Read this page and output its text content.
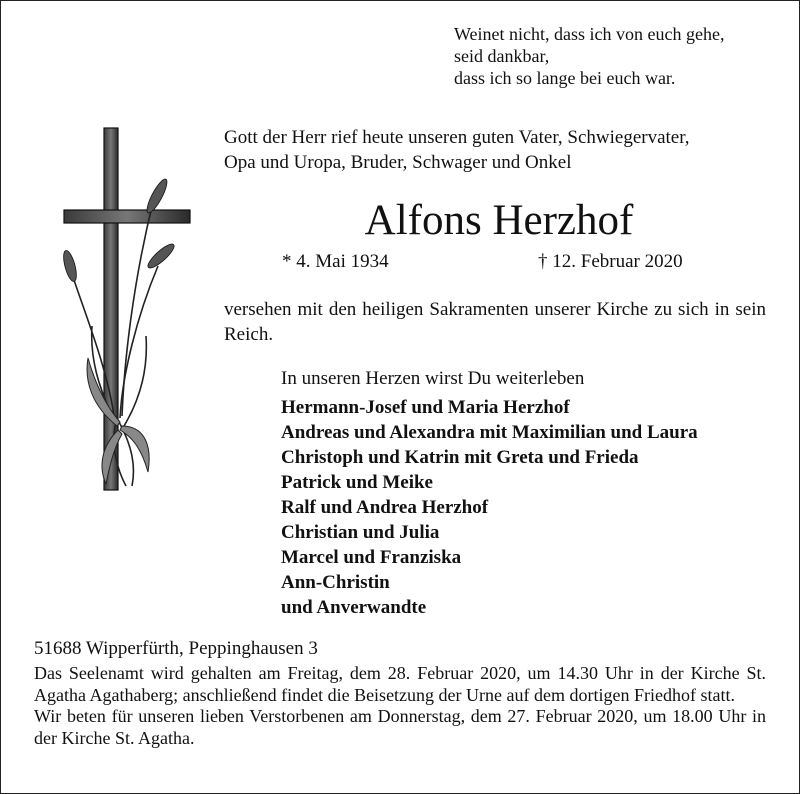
Weinet nicht, dass ich von euch gehe,
seid dankbar,
dass ich so lange bei euch war.
Gott der Herr rief heute unseren guten Vater, Schwiegervater,
Opa und Uropa, Bruder, Schwager und Onkel
Alfons Herzhof
* 4. Mai 1934	† 12. Februar 2020
versehen mit den heiligen Sakramenten unserer Kirche zu sich in sein Reich.
In unseren Herzen wirst Du weiterleben
Hermann-Josef und Maria Herzhof
Andreas und Alexandra mit Maximilian und Laura
Christoph und Katrin mit Greta und Frieda
Patrick und Meike
Ralf und Andrea Herzhof
Christian und Julia
Marcel und Franziska
Ann-Christin
und Anverwandte
51688 Wipperfürth, Peppinghausen 3

Das Seelenamt wird gehalten am Freitag, dem 28. Februar 2020, um 14.30 Uhr in der Kirche St. Agatha Agathaberg; anschließend findet die Beisetzung der Urne auf dem dortigen Friedhof statt.

Wir beten für unseren lieben Verstorbenen am Donnerstag, dem 27. Februar 2020, um 18.00 Uhr in der Kirche St. Agatha.
